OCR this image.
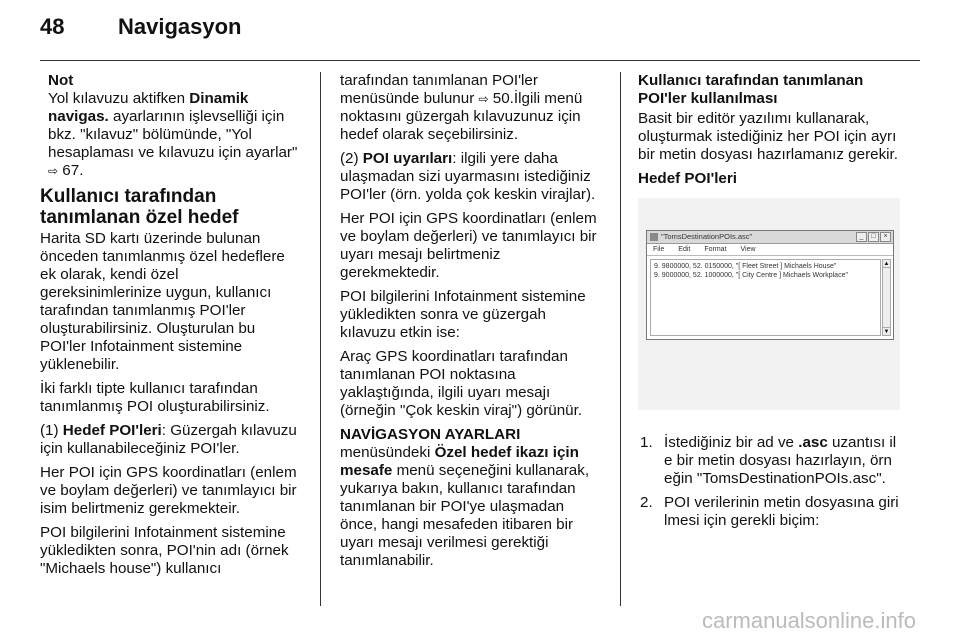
48	Navigasyon
Not

Yol kılavuzu aktifken Dinamik navigas. ayarlarının işlevselliği için bkz. "kılavuz" bölümünde, "Yol hesaplaması ve kılavuzu için ayarlar" ⇨ 67.

Kullanıcı tarafından tanımlanan özel hedef

Harita SD kartı üzerinde bulunan önceden tanımlanmış özel hedeflere ek olarak, kendi özel gereksinimlerinize uygun, kullanıcı tarafından tanımlanmış POI'ler oluşturabilirsiniz. Oluşturulan bu POI'ler Infotainment sistemine yüklenebilir.

İki farklı tipte kullanıcı tarafından tanımlanmış POI oluşturabilirsiniz.

(1) Hedef POI'leri: Güzergah kılavuzu için kullanabileceğiniz POI'ler.

Her POI için GPS koordinatları (enlem ve boylam değerleri) ve tanımlayıcı bir isim belirtmeniz gerekmekteir.

POI bilgilerini Infotainment sistemine yükledikten sonra, POI'nin adı (örnek "Michaels house") kullanıcı

tarafından tanımlanan POI'ler menüsünde bulunur ⇨ 50.İlgili menü noktasını güzergah kılavuzunuz için hedef olarak seçebilirsiniz.

(2) POI uyarıları: ilgili yere daha ulaşmadan sizi uyarmasını istediğiniz POI'ler (örn. yolda çok keskin virajlar).

Her POI için GPS koordinatları (enlem ve boylam değerleri) ve tanımlayıcı bir uyarı mesajı belirtmeniz gerekmektedir.

POI bilgilerini Infotainment sistemine yükledikten sonra ve güzergah kılavuzu etkin ise:

Araç GPS koordinatları tarafından tanımlanan POI noktasına yaklaştığında, ilgili uyarı mesajı (örneğin "Çok keskin viraj") görünür.

NAVİGASYON AYARLARI menüsündeki Özel hedef ikazı için mesafe menü seçeneğini kullanarak, yukarıya bakın, kullanıcı tarafından tanımlanan bir POI'ye ulaşmadan önce, hangi mesafeden itibaren bir uyarı mesajı verilmesi gerektiği tanımlanabilir.

Kullanıcı tarafından tanımlanan POI'ler kullanılması

Basit bir editör yazılımı kullanarak, oluşturmak istediğiniz her POI için ayrı bir metin dosyası hazırlamanız gerekir.

Hedef POI'leri
"TomsDestinationPOIs.asc"	_	□	×
File Edit Format View
9. 9800000, 52. 0150000, "[ Fleet Street ] Michaels House"
9. 9000000, 52. 1000000, "[ City Centre ] Michaels Workplace"
▲
▼
1. İstediğiniz bir ad ve .asc uzantısı ile bir metin dosyası hazırlayın, örneğin "TomsDestinationPOIs.asc".
2. POI verilerinin metin dosyasına girilmesi için gerekli biçim:
carmanualsonline.info
